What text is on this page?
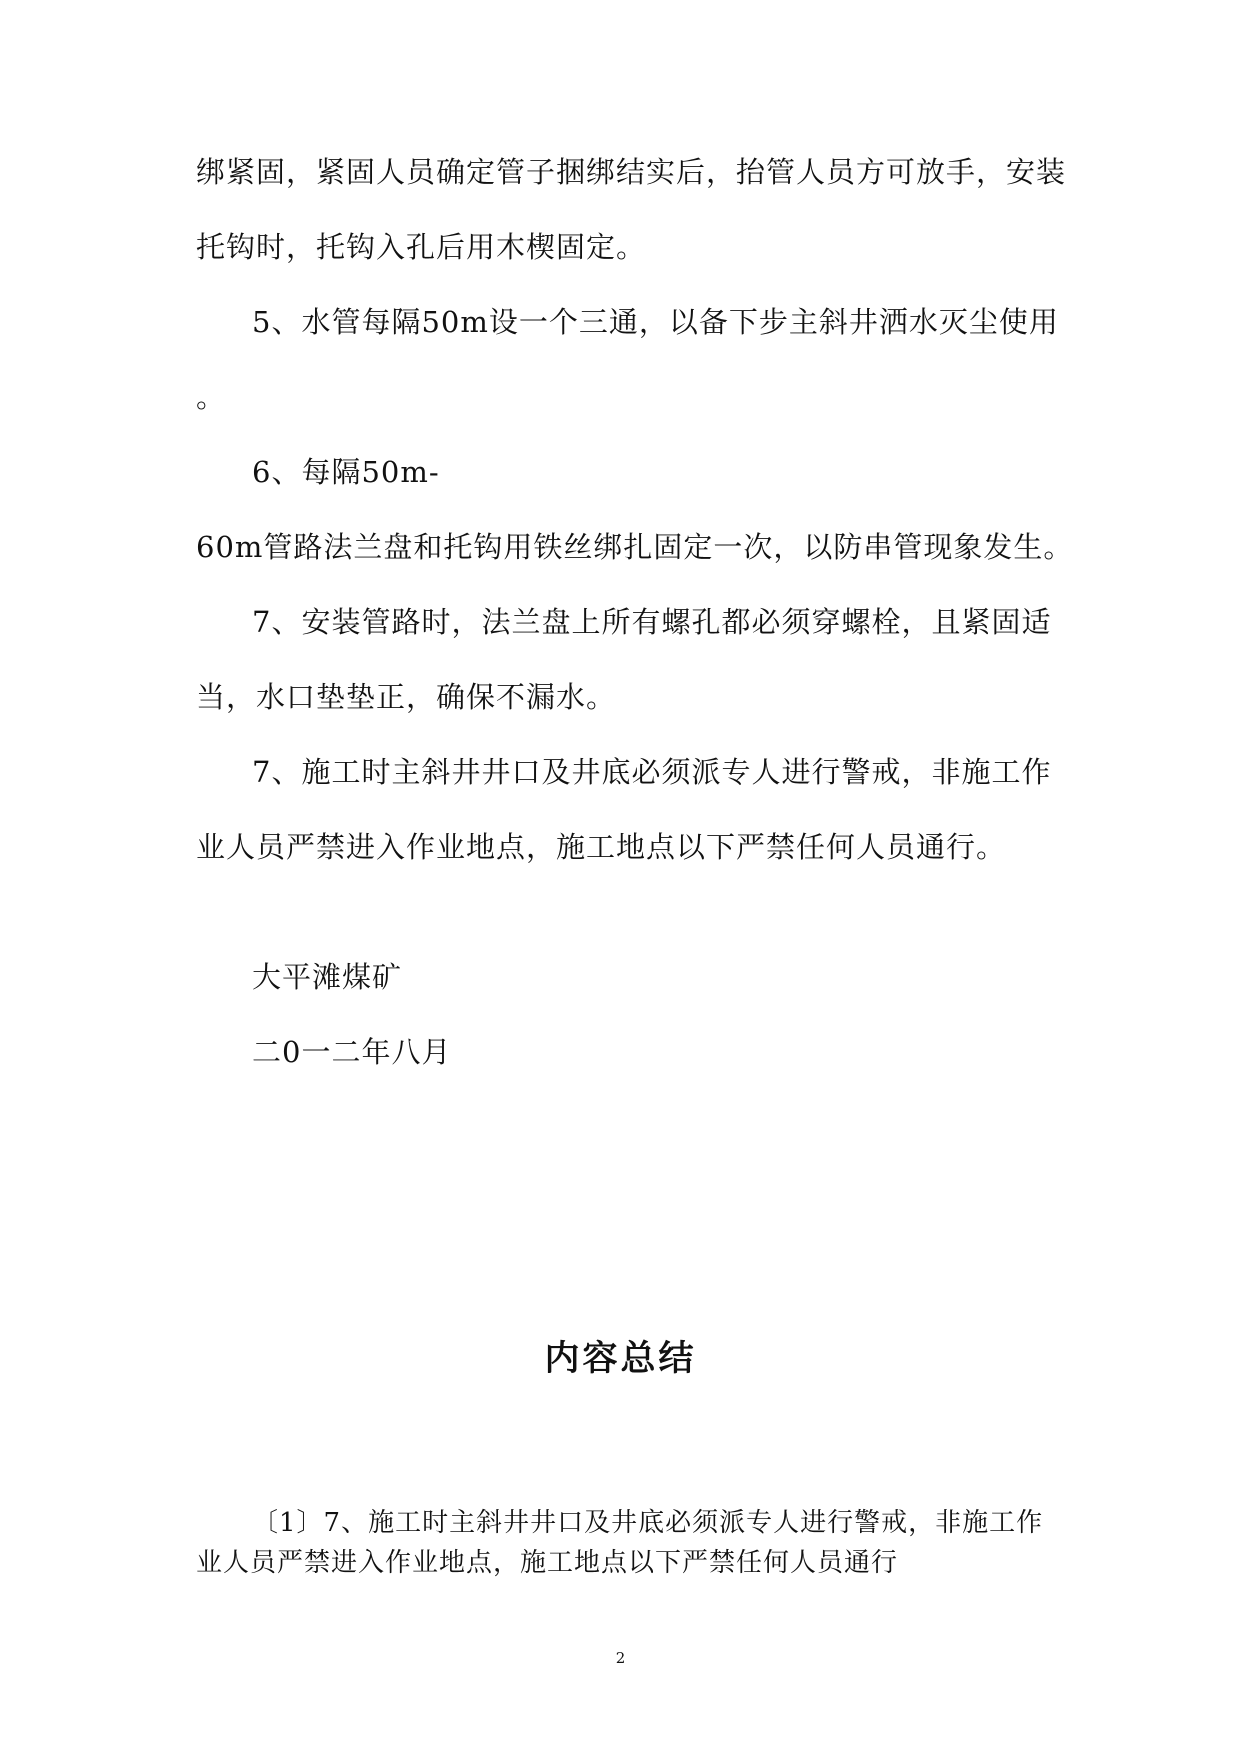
绑紧固，紧固人员确定管子捆绑结实后，抬管人员方可放手，安装
托钩时，托钩入孔后用木楔固定。
5、水管每隔50m设一个三通，以备下步主斜井洒水灭尘使用
。
6、每隔50m-
60m管路法兰盘和托钩用铁丝绑扎固定一次，以防串管现象发生。
7、安装管路时，法兰盘上所有螺孔都必须穿螺栓，且紧固适
当，水口垫垫正，确保不漏水。
7、施工时主斜井井口及井底必须派专人进行警戒，非施工作
业人员严禁进入作业地点，施工地点以下严禁任何人员通行。
大平滩煤矿
二0一二年八月
内容总结
〔1〕7、施工时主斜井井口及井底必须派专人进行警戒，非施工作
业人员严禁进入作业地点，施工地点以下严禁任何人员通行
2
